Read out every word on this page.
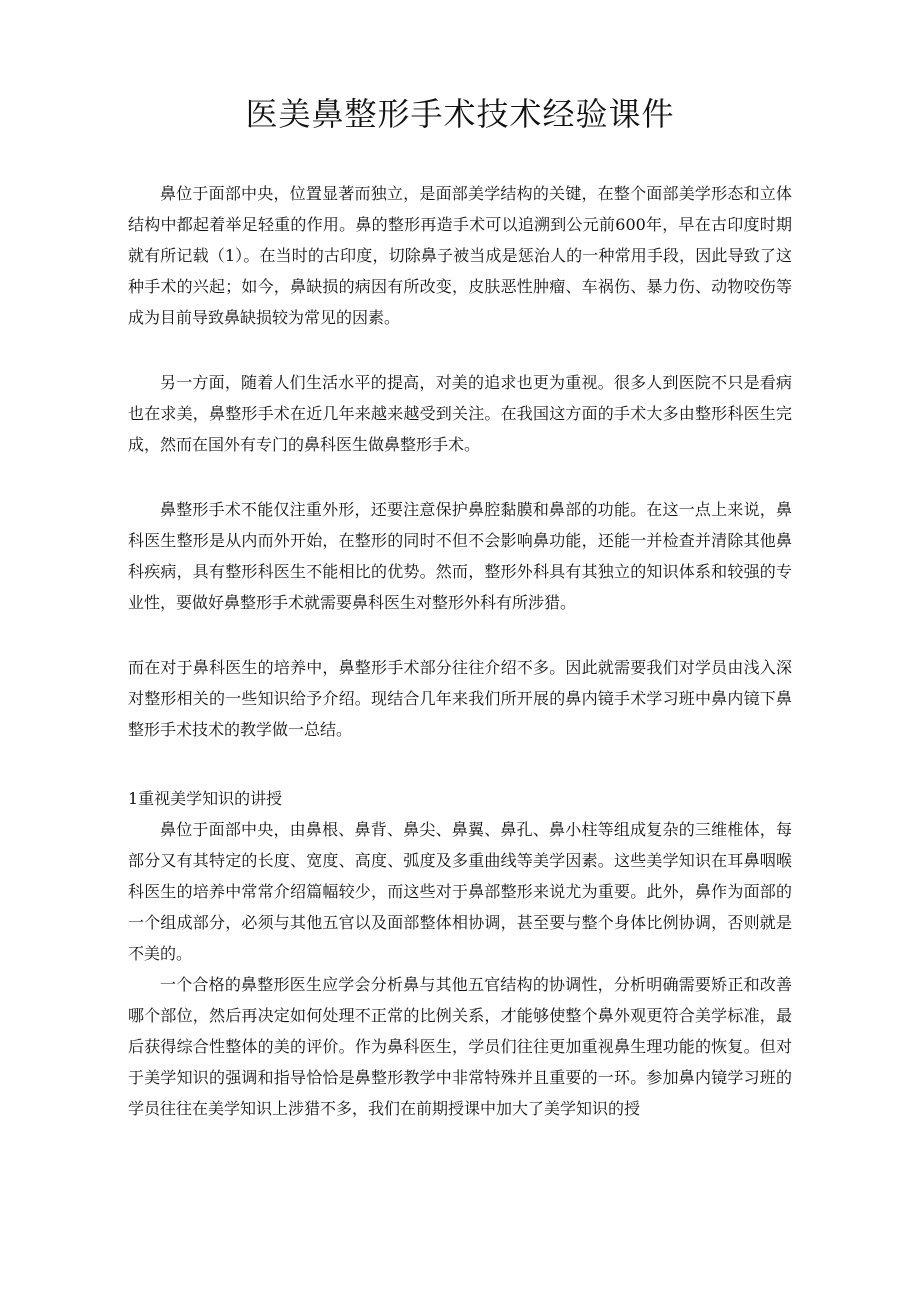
医美鼻整形手术技术经验课件

鼻位于面部中央，位置显著而独立，是面部美学结构的关键，在整个面部美学形态和立体结构中都起着举足轻重的作用。鼻的整形再造手术可以追溯到公元前600年，早在古印度时期就有所记载（1）。在当时的古印度，切除鼻子被当成是惩治人的一种常用手段，因此导致了这种手术的兴起；如今，鼻缺损的病因有所改变，皮肤恶性肿瘤、车祸伤、暴力伤、动物咬伤等成为目前导致鼻缺损较为常见的因素。

另一方面，随着人们生活水平的提高，对美的追求也更为重视。很多人到医院不只是看病也在求美，鼻整形手术在近几年来越来越受到关注。在我国这方面的手术大多由整形科医生完成，然而在国外有专门的鼻科医生做鼻整形手术。

鼻整形手术不能仅注重外形，还要注意保护鼻腔黏膜和鼻部的功能。在这一点上来说，鼻科医生整形是从内而外开始，在整形的同时不但不会影响鼻功能，还能一并检查并清除其他鼻科疾病，具有整形科医生不能相比的优势。然而，整形外科具有其独立的知识体系和较强的专业性，要做好鼻整形手术就需要鼻科医生对整形外科有所涉猎。

而在对于鼻科医生的培养中，鼻整形手术部分往往介绍不多。因此就需要我们对学员由浅入深对整形相关的一些知识给予介绍。现结合几年来我们所开展的鼻内镜手术学习班中鼻内镜下鼻整形手术技术的教学做一总结。

1重视美学知识的讲授

鼻位于面部中央，由鼻根、鼻背、鼻尖、鼻翼、鼻孔、鼻小柱等组成复杂的三维椎体，每部分又有其特定的长度、宽度、高度、弧度及多重曲线等美学因素。这些美学知识在耳鼻咽喉科医生的培养中常常介绍篇幅较少，而这些对于鼻部整形来说尤为重要。此外，鼻作为面部的一个组成部分，必须与其他五官以及面部整体相协调，甚至要与整个身体比例协调，否则就是不美的。

一个合格的鼻整形医生应学会分析鼻与其他五官结构的协调性，分析明确需要矫正和改善哪个部位，然后再决定如何处理不正常的比例关系，才能够使整个鼻外观更符合美学标准，最后获得综合性整体的美的评价。作为鼻科医生，学员们往往更加重视鼻生理功能的恢复。但对于美学知识的强调和指导恰恰是鼻整形教学中非常特殊并且重要的一环。参加鼻内镜学习班的学员往往在美学知识上涉猎不多，我们在前期授课中加大了美学知识的授
